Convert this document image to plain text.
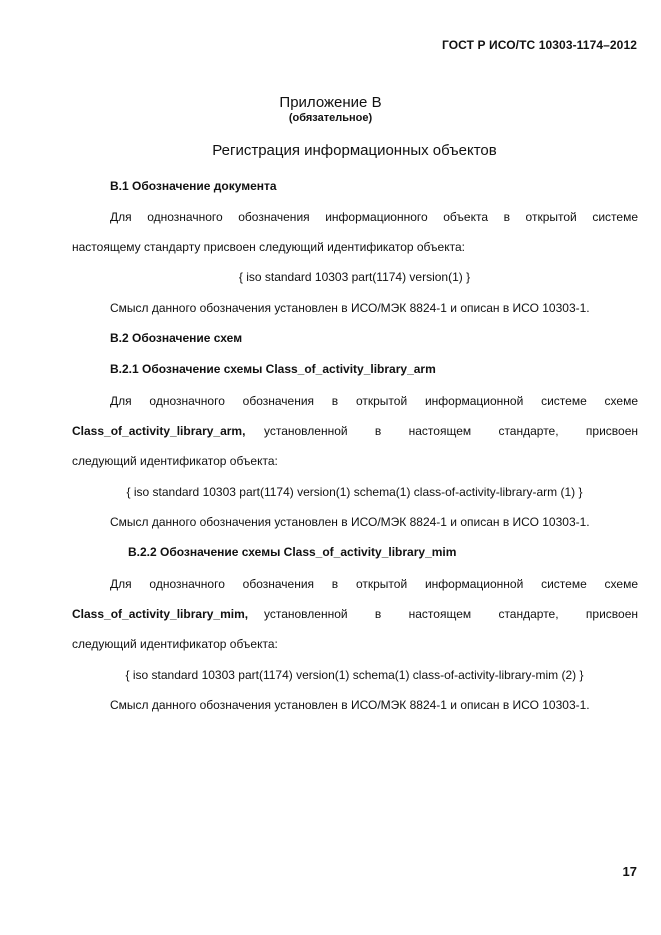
ГОСТ Р ИСО/ТС 10303-1174–2012
Приложение В
(обязательное)
Регистрация информационных объектов
В.1 Обозначение документа
Для однозначного обозначения информационного объекта в открытой системе
настоящему стандарту присвоен следующий идентификатор объекта:
{ iso standard 10303 part(1174) version(1) }
Смысл данного обозначения установлен в ИСО/МЭК 8824-1 и описан в ИСО 10303-1.
В.2 Обозначение схем
В.2.1 Обозначение схемы Class_of_activity_library_arm
Для однозначного обозначения в открытой информационной системе схеме
Class_of_activity_library_arm, установленной в настоящем стандарте, присвоен
следующий идентификатор объекта:
{ iso standard 10303 part(1174) version(1) schema(1) class-of-activity-library-arm (1) }
Смысл данного обозначения установлен в ИСО/МЭК 8824-1 и описан в ИСО 10303-1.
В.2.2 Обозначение схемы Class_of_activity_library_mim
Для однозначного обозначения в открытой информационной системе схеме
Class_of_activity_library_mim, установленной в настоящем стандарте, присвоен
следующий идентификатор объекта:
{ iso standard 10303 part(1174) version(1) schema(1) class-of-activity-library-mim (2) }
Смысл данного обозначения установлен в ИСО/МЭК 8824-1 и описан в ИСО 10303-1.
17
